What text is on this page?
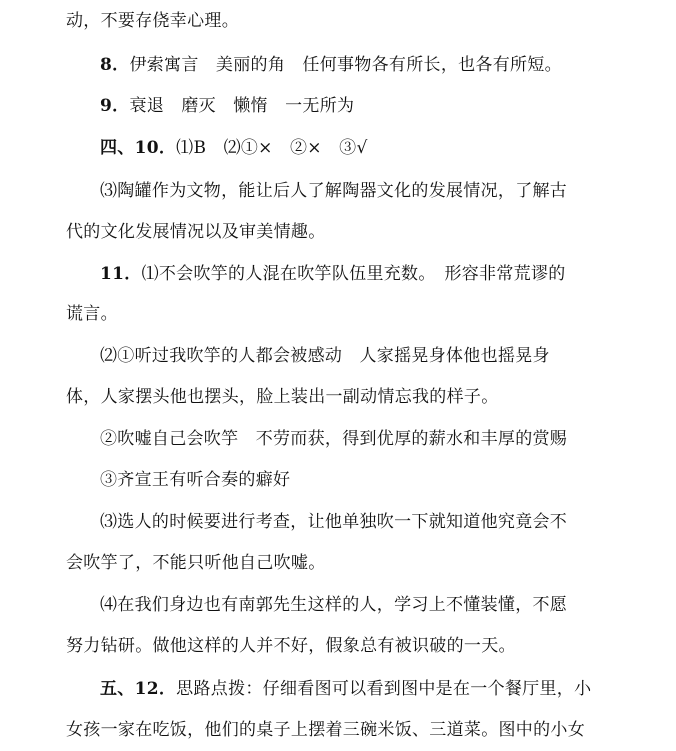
动，不要存侥幸心理。
8．伊索寓言　美丽的角　任何事物各有所长，也各有所短。
9．衰退　磨灭　懒惰　一无所为
四、10．⑴B　⑵①×　②×　③√
⑶陶罐作为文物，能让后人了解陶器文化的发展情况，了解古
代的文化发展情况以及审美情趣。
11．⑴不会吹竽的人混在吹竽队伍里充数。　形容非常荒谬的
谎言。
⑵①听过我吹竽的人都会被感动　人家摇晃身体他也摇晃身
体，人家摆头他也摆头，脸上装出一副动情忘我的样子。
②吹嘘自己会吹竽　不劳而获，得到优厚的薪水和丰厚的赏赐
③齐宣王有听合奏的癖好
⑶选人的时候要进行考查，让他单独吹一下就知道他究竟会不
会吹竽了，不能只听他自己吹嘘。
⑷在我们身边也有南郭先生这样的人，学习上不懂装懂，不愿
努力钻研。做他这样的人并不好，假象总有被识破的一天。
五、12．思路点拨：仔细看图可以看到图中是在一个餐厅里，小
女孩一家在吃饭，他们的桌子上摆着三碗米饭、三道菜。图中的小女
